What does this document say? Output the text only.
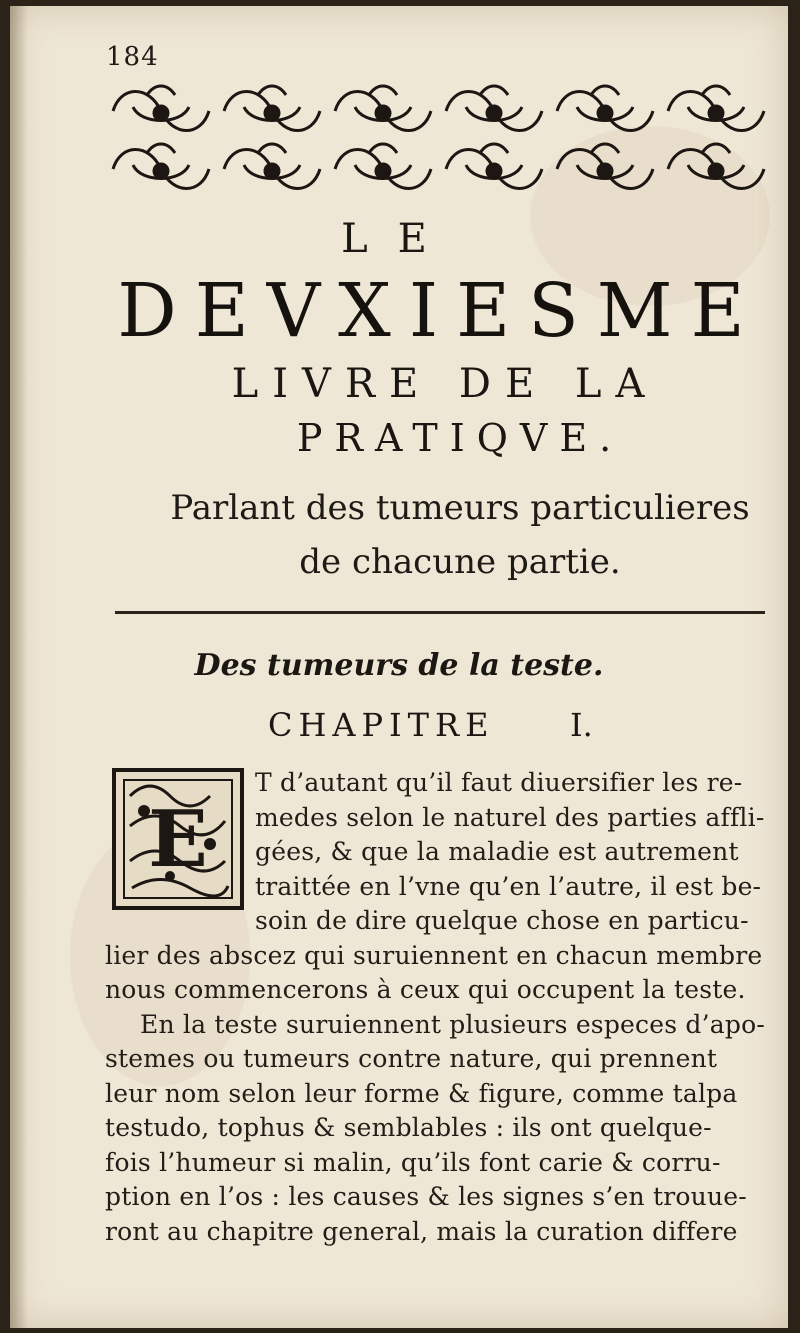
184
LE
DEVXIESME
LIVRE DE LA
PRATIQVE.
Parlant des tumeurs particulieres
de chacune partie.
Des tumeurs de la teste.
CHAPITRE I.
E
T d’autant qu’il faut diuersifier les re-
medes selon le naturel des parties affli-
gées, & que la maladie est autrement
traittée en l’vne qu’en l’autre, il est be-
soin de dire quelque chose en particu-
lier des abscez qui suruiennent en chacun membre
nous commencerons à ceux qui occupent la teste.
En la teste suruiennent plusieurs especes d’apo-
stemes ou tumeurs contre nature, qui prennent
leur nom selon leur forme & figure, comme talpa
testudo, tophus & semblables : ils ont quelque-
fois l’humeur si malin, qu’ils font carie & corru-
ption en l’os : les causes & les signes s’en trouue-
ront au chapitre general, mais la curation differe
